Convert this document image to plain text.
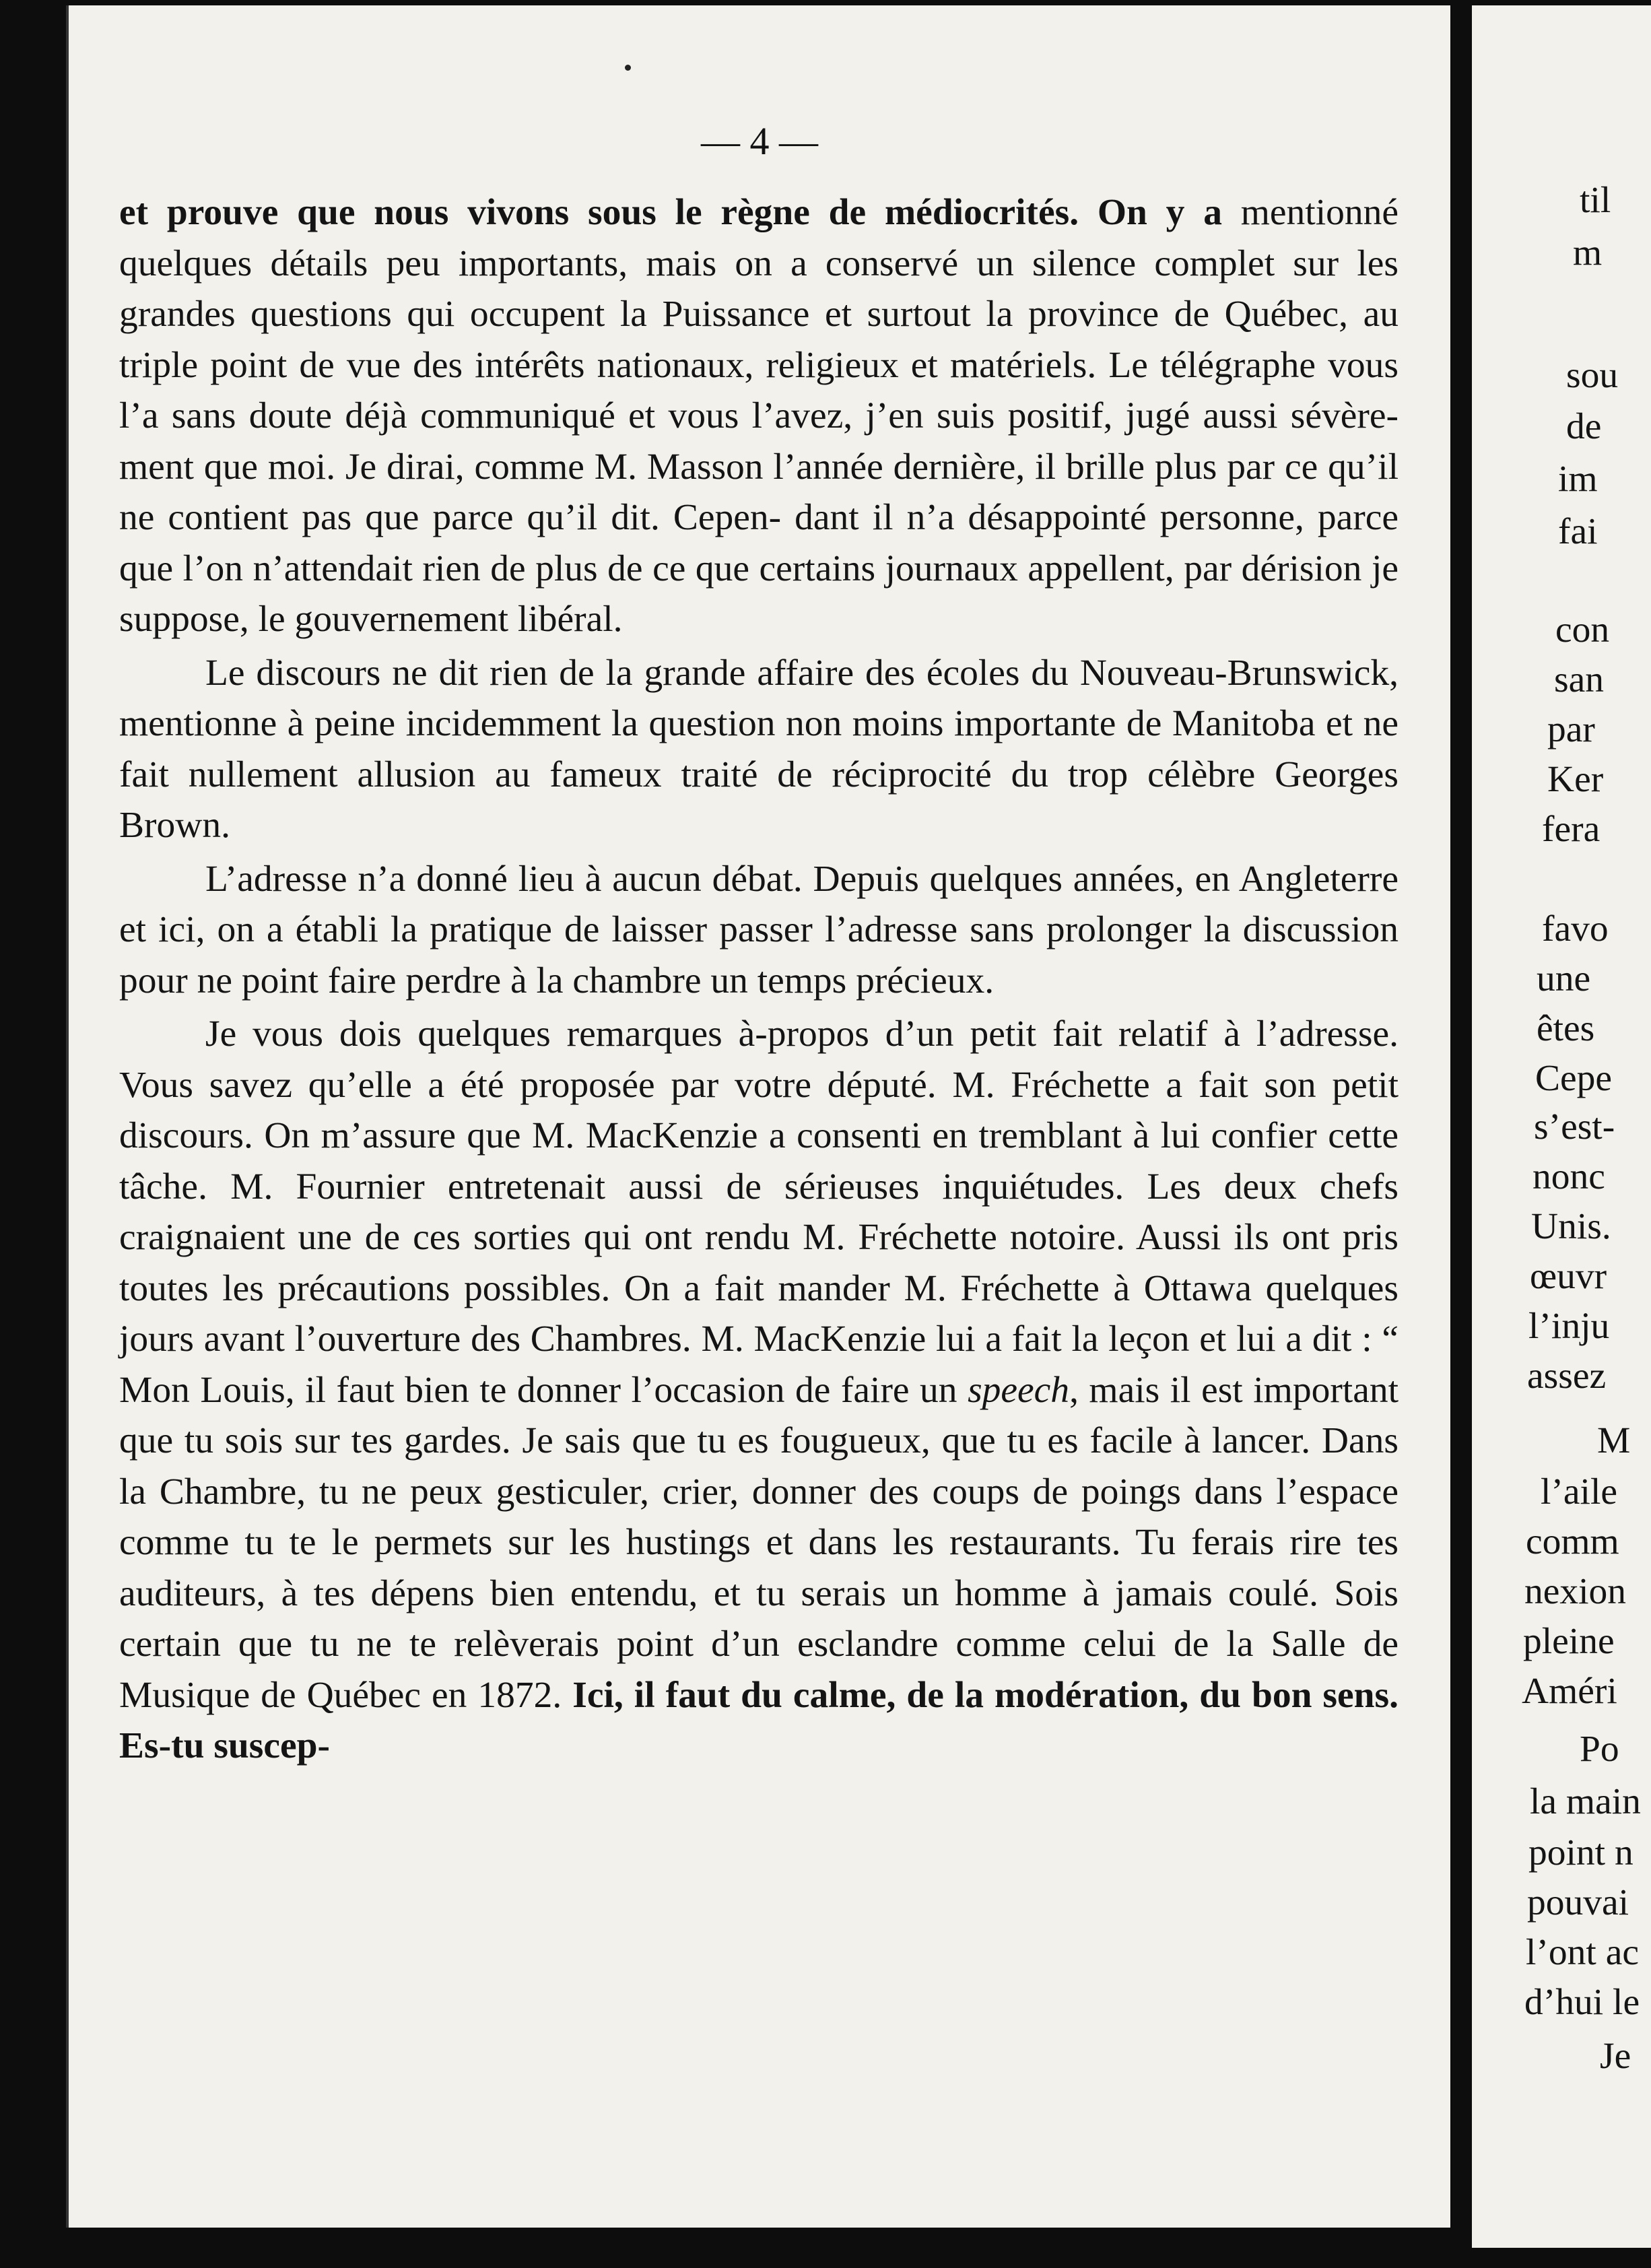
— 4 —

et prouve que nous vivons sous le règne de médiocrités. On y a mentionné quelques détails peu importants, mais on a conservé un silence complet sur les grandes questions qui occupent la Puissance et surtout la province de Québec, au triple point de vue des intérêts nationaux, religieux et matériels. Le télégraphe vous l’a sans doute déjà communiqué et vous l’avez, j’en suis positif, jugé aussi sévère- ment que moi. Je dirai, comme M. Masson l’année dernière, il brille plus par ce qu’il ne contient pas que parce qu’il dit. Cepen- dant il n’a désappointé personne, parce que l’on n’attendait rien de plus de ce que certains journaux appellent, par dérision je suppose, le gouvernement libéral.

Le discours ne dit rien de la grande affaire des écoles du Nouveau-Brunswick, mentionne à peine incidemment la question non moins importante de Manitoba et ne fait nullement allusion au fameux traité de réciprocité du trop célèbre Georges Brown.

L’adresse n’a donné lieu à aucun débat. Depuis quelques années, en Angleterre et ici, on a établi la pratique de laisser passer l’adresse sans prolonger la discussion pour ne point faire perdre à la chambre un temps précieux.

Je vous dois quelques remarques à-propos d’un petit fait relatif à l’adresse. Vous savez qu’elle a été proposée par votre député. M. Fréchette a fait son petit discours. On m’assure que M. MacKenzie a consenti en tremblant à lui confier cette tâche. M. Fournier entretenait aussi de sérieuses inquiétudes. Les deux chefs craignaient une de ces sorties qui ont rendu M. Fréchette notoire. Aussi ils ont pris toutes les précautions possibles. On a fait mander M. Fréchette à Ottawa quelques jours avant l’ouverture des Chambres. M. MacKenzie lui a fait la leçon et lui a dit : “ Mon Louis, il faut bien te donner l’occasion de faire un speech, mais il est important que tu sois sur tes gardes. Je sais que tu es fougueux, que tu es facile à lancer. Dans la Chambre, tu ne peux gesticuler, crier, donner des coups de poings dans l’espace comme tu te le permets sur les hustings et dans les restaurants. Tu ferais rire tes auditeurs, à tes dépens bien entendu, et tu serais un homme à jamais coulé. Sois certain que tu ne te relèverais point d’un esclandre comme celui de la Salle de Musique de Québec en 1872. Ici, il faut du calme, de la modération, du bon sens. Es-tu suscep-

til
m
sou
de
im
fai
con
san
par
Ker
fera
favo
une
êtes
Cepe
s’est-
nonc
Unis.
œuvr
l’inju
assez
M
l’aile
comm
nexion
pleine
Améri
Po
la main
point n
pouvai
l’ont ac
d’hui le
Je
